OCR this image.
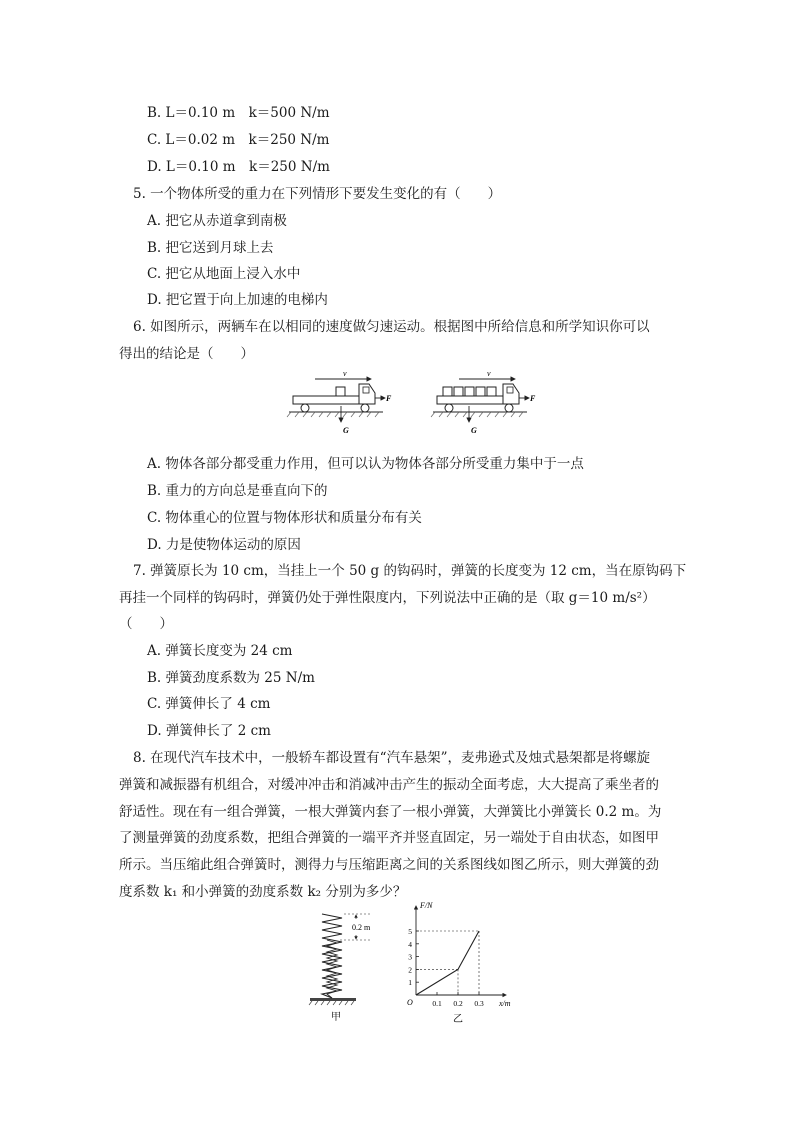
B. L＝0.10 m　k＝500 N/m
C. L＝0.02 m　k＝250 N/m
D. L＝0.10 m　k＝250 N/m
5. 一个物体所受的重力在下列情形下要发生变化的有（　　）
A. 把它从赤道拿到南极
B. 把它送到月球上去
C. 把它从地面上浸入水中
D. 把它置于向上加速的电梯内
6. 如图所示，两辆车在以相同的速度做匀速运动。根据图中所给信息和所学知识你可以
得出的结论是（　　）
v
F
G
v
F
G
A. 物体各部分都受重力作用，但可以认为物体各部分所受重力集中于一点
B. 重力的方向总是垂直向下的
C. 物体重心的位置与物体形状和质量分布有关
D. 力是使物体运动的原因
7. 弹簧原长为 10 cm，当挂上一个 50 g 的钩码时，弹簧的长度变为 12 cm，当在原钩码下
再挂一个同样的钩码时，弹簧仍处于弹性限度内，下列说法中正确的是（取 g＝10 m/s²）
（　　）
A. 弹簧长度变为 24 cm
B. 弹簧劲度系数为 25 N/m
C. 弹簧伸长了 4 cm
D. 弹簧伸长了 2 cm
8. 在现代汽车技术中，一般轿车都设置有“汽车悬架”，麦弗逊式及烛式悬架都是将螺旋
弹簧和减振器有机组合，对缓冲冲击和消减冲击产生的振动全面考虑，大大提高了乘坐者的
舒适性。现在有一组合弹簧，一根大弹簧内套了一根小弹簧，大弹簧比小弹簧长 0.2 m。为
了测量弹簧的劲度系数，把组合弹簧的一端平齐并竖直固定，另一端处于自由状态，如图甲
所示。当压缩此组合弹簧时，测得力与压缩距离之间的关系图线如图乙所示，则大弹簧的劲
度系数 k₁ 和小弹簧的劲度系数 k₂ 分别为多少？
0.2 m
甲
1
2
3
4
5
0.1 0.2 0.3
F/N
x/m
O
乙
